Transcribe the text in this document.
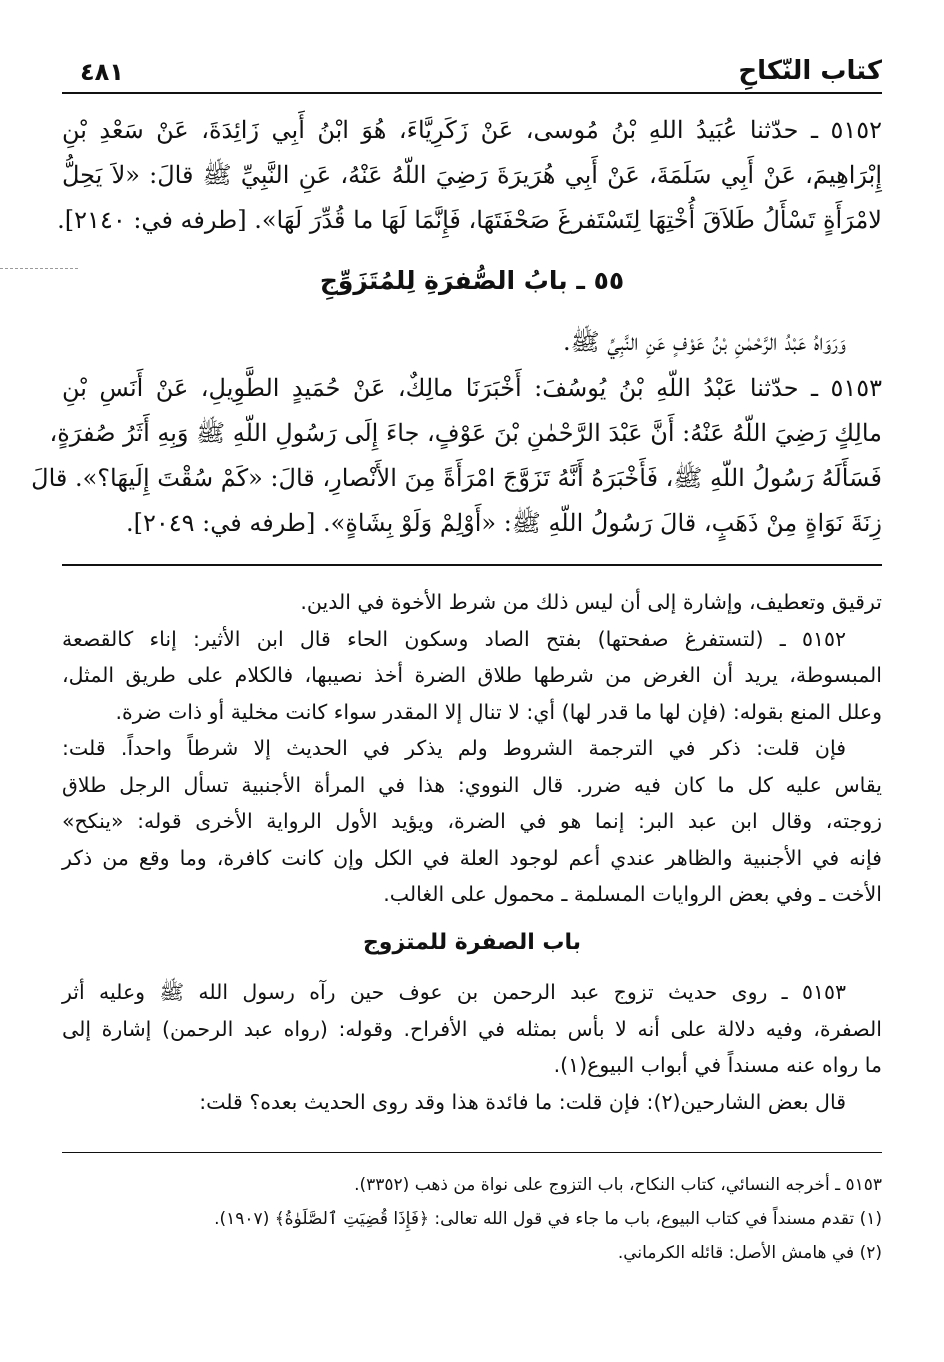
كتاب النّكاحِ
٤٨١
٥١٥٢ ـ حدّثنا عُبَيدُ اللهِ بْنُ مُوسى، عَنْ زَكَرِيَّاءَ، هُوَ ابْنُ أَبِي زَائِدَةَ، عَنْ سَعْدِ بْنِ
إِبْرَاهِيمَ، عَنْ أَبِي سَلَمَةَ، عَنْ أَبِي هُرَيرَةَ رَضِيَ اللّهُ عَنْهُ، عَنِ النَّبِيِّ ﷺ قالَ: «لاَ يَحِلُّ
لامْرَأَةٍ تَسْأَلُ طَلاَقَ أُخْتِهَا لِتَسْتَفرغَ صَحْفَتَهَا، فَإِنَّمَا لَهَا ما قُدِّرَ لَهَا». [طرفه في: ٢١٤٠].
٥٥ ـ بابُ الصُّفرَةِ لِلمُتَزَوِّجِ
وَرَوَاهُ عَبْدُ الرَّحْمٰنِ بْنُ عَوْفٍ عَنِ النَّبِيِّ ﷺ.
٥١٥٣ ـ حدّثنا عَبْدُ اللّهِ بْنُ يُوسُفَ: أَخْبَرَنَا مالِكٌ، عَنْ حُمَيدٍ الطَّوِيلِ، عَنْ أَنَسِ بْنِ
مالِكٍ رَضِيَ اللّهُ عَنْهُ: أَنَّ عَبْدَ الرَّحْمٰنِ بْنَ عَوْفٍ، جاءَ إِلَى رَسُولِ اللّهِ ﷺ وَبِهِ أَثَرُ صُفرَةٍ،
فَسَأَلَهُ رَسُولُ اللّهِ ﷺ، فَأَخْبَرَهُ أَنَّهُ تَزَوَّجَ امْرَأَةً مِنَ الأَنْصارِ، قالَ: «كَمْ سُقْتَ إِلَيهَا؟». قالَ
زِنَةَ نَوَاةٍ مِنْ ذَهَبٍ، قالَ رَسُولُ اللّهِ ﷺ: «أَوْلِمْ وَلَوْ بِشَاةٍ». [طرفه في: ٢٠٤٩].
ترقيق وتعطيف، وإشارة إلى أن ليس ذلك من شرط الأخوة في الدين.
٥١٥٢ ـ (لتستفرغ صفحتها) بفتح الصاد وسكون الحاء قال ابن الأثير: إناء كالقصعة
المبسوطة، يريد أن الغرض من شرطها طلاق الضرة أخذ نصيبها، فالكلام على طريق المثل،
وعلل المنع بقوله: (فإن لها ما قدر لها) أي: لا تنال إلا المقدر سواء كانت مخلية أو ذات ضرة.
فإن قلت: ذكر في الترجمة الشروط ولم يذكر في الحديث إلا شرطاً واحداً. قلت:
يقاس عليه كل ما كان فيه ضرر. قال النووي: هذا في المرأة الأجنبية تسأل الرجل طلاق
زوجته، وقال ابن عبد البر: إنما هو في الضرة، ويؤيد الأول الرواية الأخرى قوله: «ينكح»
فإنه في الأجنبية والظاهر عندي أعم لوجود العلة في الكل وإن كانت كافرة، وما وقع من ذكر
الأخت ـ وفي بعض الروايات المسلمة ـ محمول على الغالب.
باب الصفرة للمتزوج
٥١٥٣ ـ روى حديث تزوج عبد الرحمن بن عوف حين رآه رسول الله ﷺ وعليه أثر
الصفرة، وفيه دلالة على أنه لا بأس بمثله في الأفراح. وقوله: (رواه عبد الرحمن) إشارة إلى
ما رواه عنه مسنداً في أبواب البيوع(١).
قال بعض الشارحين(٢): فإن قلت: ما فائدة هذا وقد روى الحديث بعده؟ قلت:
٥١٥٣ ـ أخرجه النسائي، كتاب النكاح، باب التزوج على نواة من ذهب (٣٣٥٢).
(١) تقدم مسنداً في كتاب البيوع، باب ما جاء في قول الله تعالى: ﴿فَإِذَا قُضِيَتِ ٱلصَّلَوٰةُ﴾ (١٩٠٧).
(٢) في هامش الأصل: قائله الكرماني.
